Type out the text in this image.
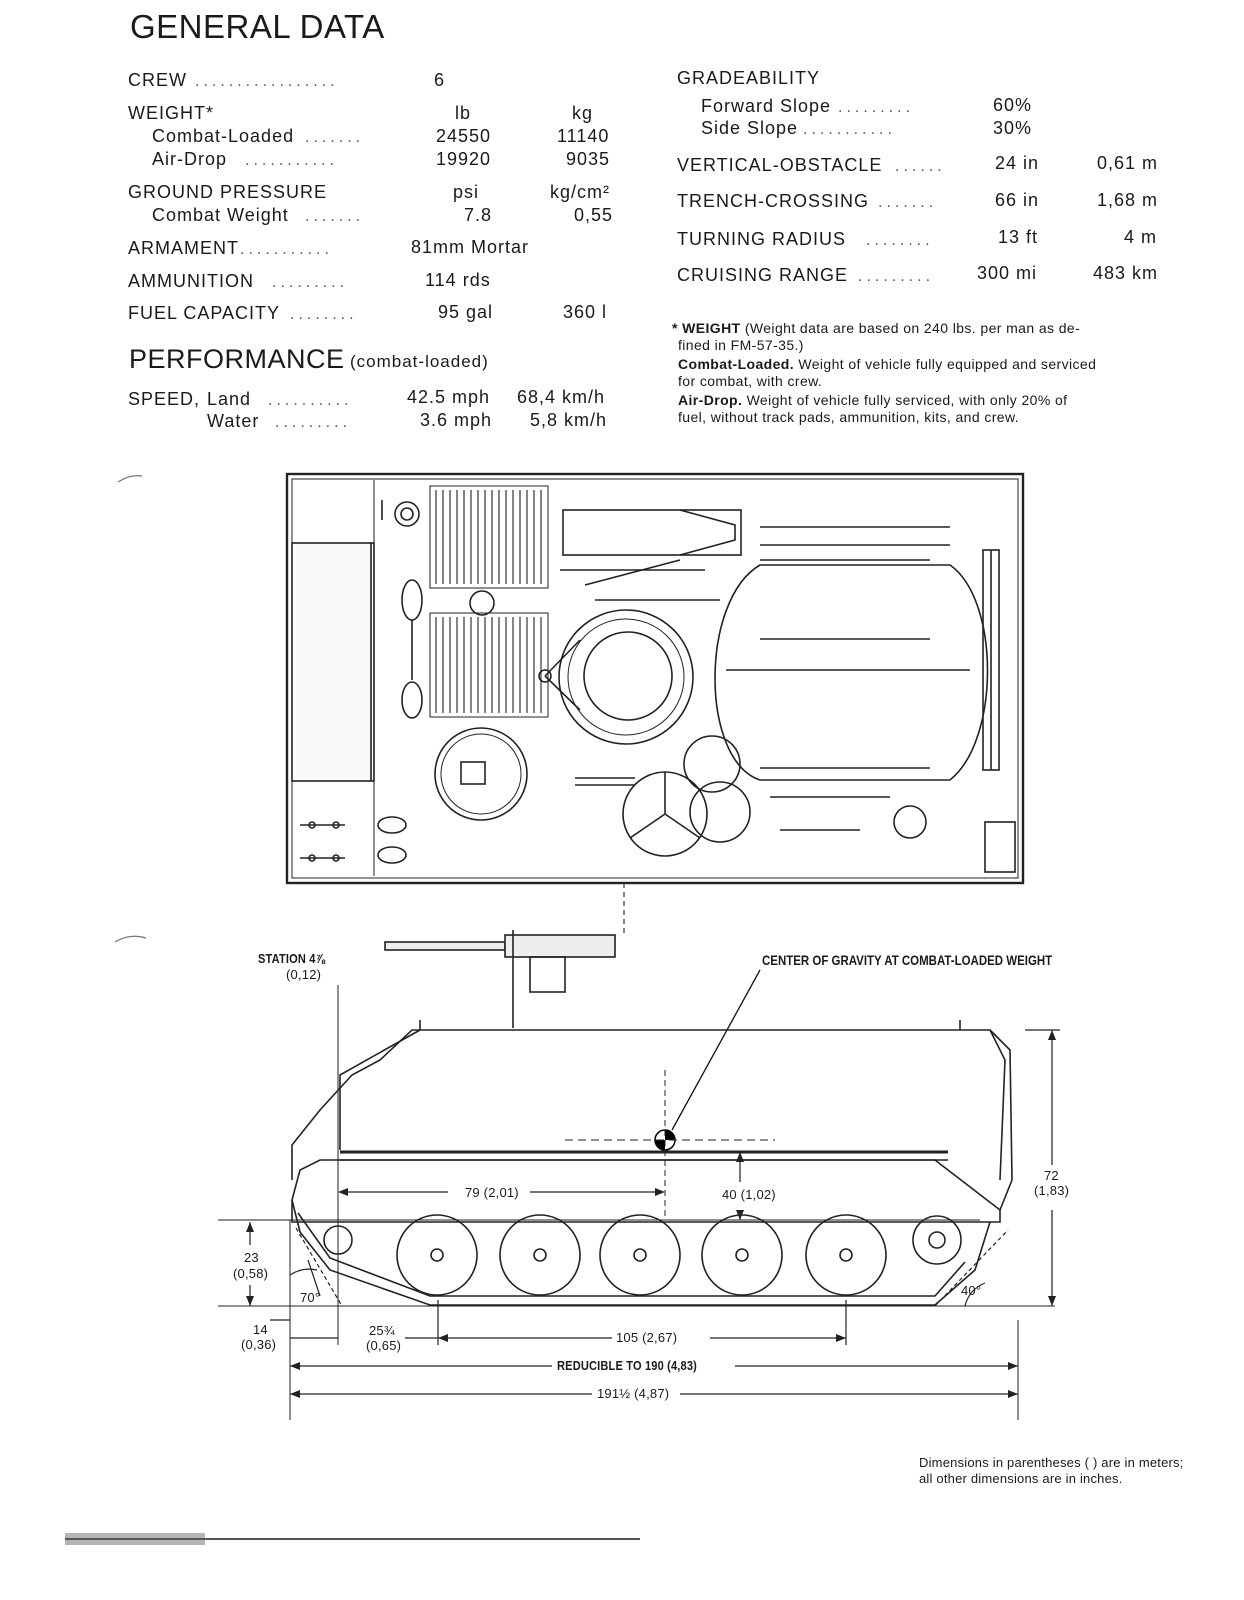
GENERAL DATA
CREW .................	6
WEIGHT*	lb	kg
Combat-Loaded .......	24550	11140
Air-Drop ...........	19920	9035
GROUND PRESSURE	psi	kg/cm²
Combat Weight .......	7.8	0,55
ARMAMENT ...........	81mm Mortar
AMMUNITION .........	114 rds
FUEL CAPACITY ........	95 gal	360 l
PERFORMANCE (combat-loaded)
SPEED, Land ..........	42.5 mph 68,4 km/h
Water .........	3.6 mph 5,8 km/h
GRADEABILITY
Forward Slope .........	60%
Side Slope ...........	30%
VERTICAL-OBSTACLE ......	24 in	0,61 m
TRENCH-CROSSING .......	66 in	1,68 m
TURNING RADIUS ........	13 ft	4 m
CRUISING RANGE ......... 300 mi	483 km
* WEIGHT (Weight data are based on 240 lbs. per man as de-
fined in FM-57-35.)
Combat-Loaded. Weight of vehicle fully equipped and serviced
for combat, with crew.
Air-Drop. Weight of vehicle fully serviced, with only 20% of
fuel, without track pads, ammunition, kits, and crew.
STATION 4⅞
(0,12)
CENTER OF GRAVITY AT COMBAT-LOADED WEIGHT
79 (2,01)	40 (1,02)
72
(1,83)
23
(0,58)
70°	40°
14
(0,36)
25¾
(0,65)
105 (2,67)
REDUCIBLE TO 190 (4,83)
191½ (4,87)
Dimensions in parentheses ( ) are in meters;
all other dimensions are in inches.
